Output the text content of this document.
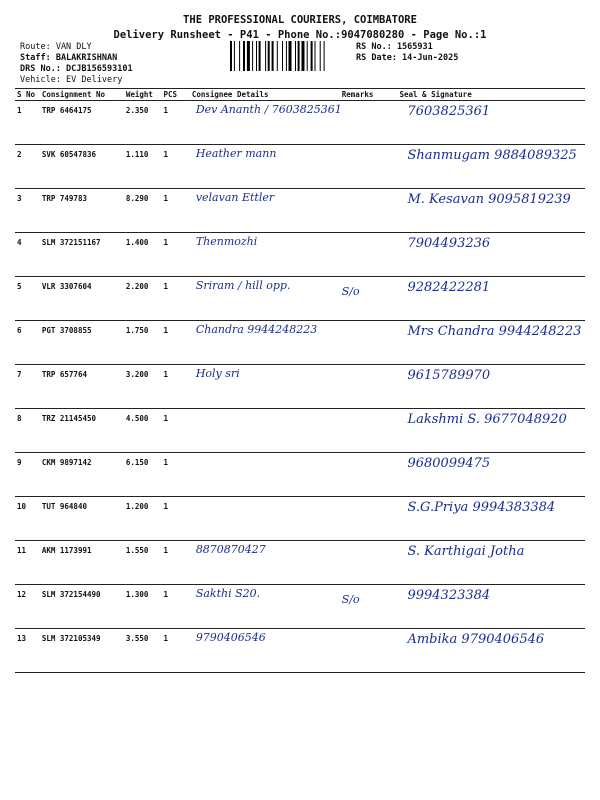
THE PROFESSIONAL COURIERS, COIMBATORE
Delivery Runsheet - P41 - Phone No.:9047080280 - Page No.:1
Route: VAN DLY
Staff: BALAKRISHNAN
DRS No.: DCJB156593101
Vehicle: EV Delivery
RS No.: 1565931
RS Date: 14-Jun-2025
S No	Consignment No	Weight	PCS	Consignee Details	Remarks	Seal & Signature
1	TRP 6464175	2.350	1	Dev Ananth / 7603825361		7603825361

2	SVK 60547836	1.110	1	Heather mann		Shanmugam 9884089325

3	TRP 749783	8.290	1	velavan Ettler		M. Kesavan 9095819239

4	SLM 372151167	1.400	1	Thenmozhi		7904493236

5	VLR 3307604	2.200	1	Sriram / hill opp.	S/o	9282422281

6	PGT 3708855	1.750	1	Chandra 9944248223		Mrs Chandra 9944248223

7	TRP 657764	3.200	1	Holy sri		9615789970

8	TRZ 21145450	4.500	1			Lakshmi S. 9677048920

9	CKM 9897142	6.150	1			9680099475

10	TUT 964840	1.200	1			S.G.Priya 9994383384

11	AKM 1173991	1.550	1	8870870427		S. Karthigai Jotha

12	SLM 372154490	1.300	1	Sakthi S20.	S/o	9994323384

13	SLM 372105349	3.550	1	9790406546		Ambika 9790406546
